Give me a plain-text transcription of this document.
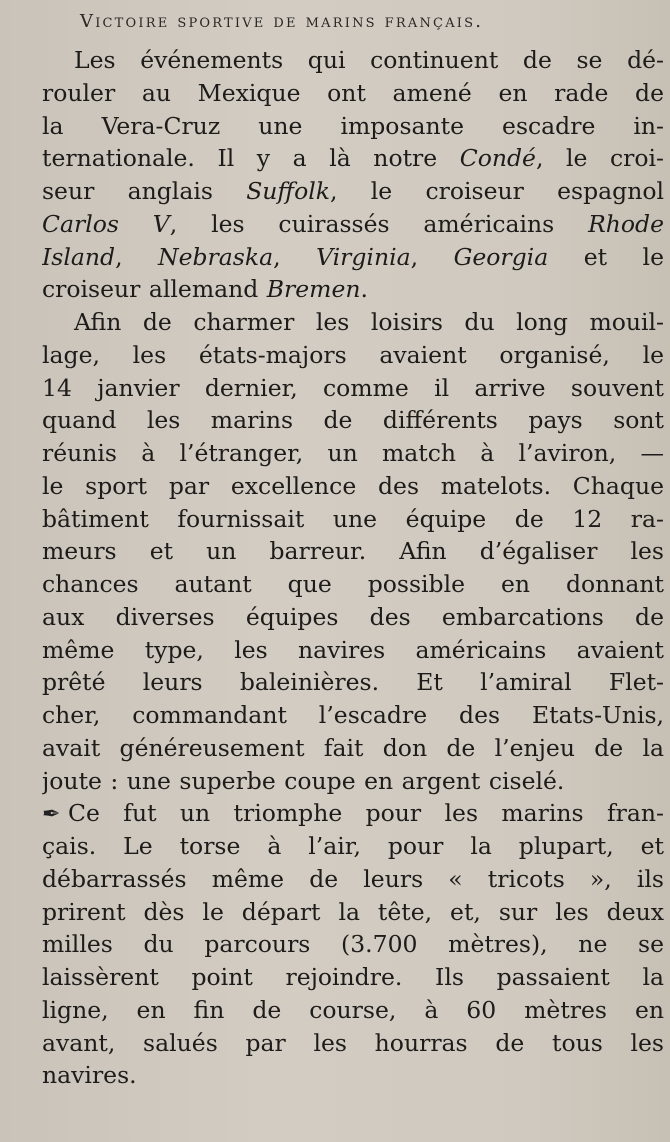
Victoire sportive de marins français.
Les événements qui continuent de se dé-
rouler au Mexique ont amené en rade de
la Vera-Cruz une imposante escadre in-
ternationale. Il y a là notre Condé, le croi-
seur anglais Suffolk, le croiseur espagnol
Carlos V, les cuirassés américains Rhode
Island, Nebraska, Virginia, Georgia et le
croiseur allemand Bremen.
Afin de charmer les loisirs du long mouil-
lage, les états-majors avaient organisé, le
14 janvier dernier, comme il arrive souvent
quand les marins de différents pays sont
réunis à l’étranger, un match à l’aviron, —
le sport par excellence des matelots. Chaque
bâtiment fournissait une équipe de 12 ra-
meurs et un barreur. Afin d’égaliser les
chances autant que possible en donnant
aux diverses équipes des embarcations de
même type, les navires américains avaient
prêté leurs baleinières. Et l’amiral Flet-
cher, commandant l’escadre des Etats-Unis,
avait généreusement fait don de l’enjeu de la
joute : une superbe coupe en argent ciselé.
✒ Ce fut un triomphe pour les marins fran-
çais. Le torse à l’air, pour la plupart, et
débarrassés même de leurs « tricots », ils
prirent dès le départ la tête, et, sur les deux
milles du parcours (3.700 mètres), ne se
laissèrent point rejoindre. Ils passaient la
ligne, en fin de course, à 60 mètres en
avant, salués par les hourras de tous les
navires.
